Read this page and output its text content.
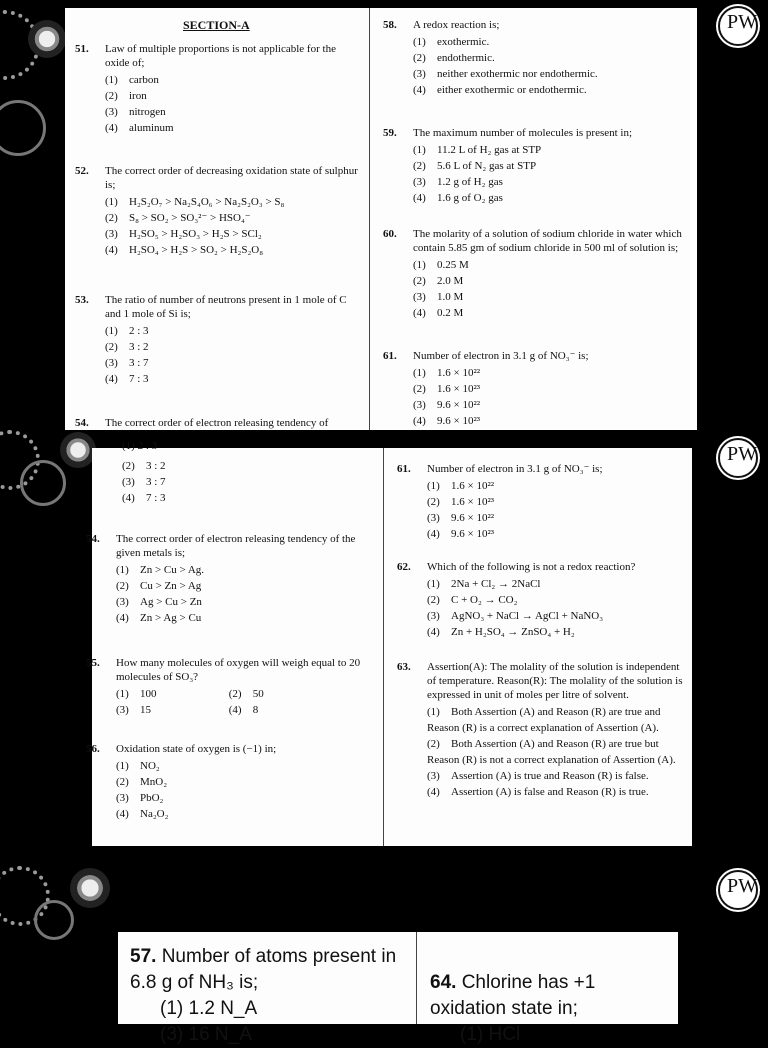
SECTION-A
51. Law of multiple proportions is not applicable for the oxide of;
(1) carbon
(2) iron
(3) nitrogen
(4) aluminum
52. The correct order of decreasing oxidation state of sulphur is;
(1) H₂S₂O₇ > Na₂S₄O₆ > Na₂S₂O₃ > S₈
(2) S₈ > SO₂ > SO₃²⁻ > HSO₄⁻
(3) H₂SO₅ > H₂SO₃ > H₂S > SCl₂
(4) H₂SO₄ > H₂S > SO₂ > H₂S₂O₈
53. The ratio of number of neutrons present in 1 mole of C and 1 mole of Si is;
(1) 2 : 3
(2) 3 : 2
(3) 3 : 7
(4) 7 : 3
54. The correct order of electron releasing tendency of
58. A redox reaction is;
(1) exothermic.
(2) endothermic.
(3) neither exothermic nor endothermic.
(4) either exothermic or endothermic.
59. The maximum number of molecules is present in;
(1) 11.2 L of H₂ gas at STP
(2) 5.6 L of N₂ gas at STP
(3) 1.2 g of H₂ gas
(4) 1.6 g of O₂ gas
60. The molarity of a solution of sodium chloride in water which contain 5.85 gm of sodium chloride in 500 ml of solution is;
(1) 0.25 M
(2) 2.0 M
(3) 1.0 M
(4) 0.2 M
61. Number of electron in 3.1 g of NO₃⁻ is;
(1) 1.6 × 10²²
(2) 1.6 × 10²³
(3) 9.6 × 10²²
(4) 9.6 × 10²³
PW
(1) 2 : 3
(2) 3 : 2
(3) 3 : 7
(4) 7 : 3
54. The correct order of electron releasing tendency of the given metals is;
(1) Zn > Cu > Ag.
(2) Cu > Zn > Ag
(3) Ag > Cu > Zn
(4) Zn > Ag > Cu
55. How many molecules of oxygen will weigh equal to 20 molecules of SO₃?
(1) 100	(2) 50
(3) 15	(4) 8
56. Oxidation state of oxygen is (−1) in;
(1) NO₂
(2) MnO₂
(3) PbO₂
(4) Na₂O₂
61. Number of electron in 3.1 g of NO₃⁻ is;
(1) 1.6 × 10²²
(2) 1.6 × 10²³
(3) 9.6 × 10²²
(4) 9.6 × 10²³
62. Which of the following is not a redox reaction?
(1) 2Na + Cl₂ → 2NaCl
(2) C + O₂ → CO₂
(3) AgNO₃ + NaCl → AgCl + NaNO₃
(4) Zn + H₂SO₄ → ZnSO₄ + H₂
63. Assertion(A): The molality of the solution is independent of temperature. Reason(R): The molality of the solution is expressed in unit of moles per litre of solvent.
(1) Both Assertion (A) and Reason (R) are true and Reason (R) is a correct explanation of Assertion (A).
(2) Both Assertion (A) and Reason (R) are true but Reason (R) is not a correct explanation of Assertion (A).
(3) Assertion (A) is true and Reason (R) is false.
(4) Assertion (A) is false and Reason (R) is true.
PW
57. Number of atoms present in 6.8 g of NH₃ is;
(1) 1.2 N_A
(3) 16 N_A
64. Chlorine has +1 oxidation state in;
(1) HCl
PW
